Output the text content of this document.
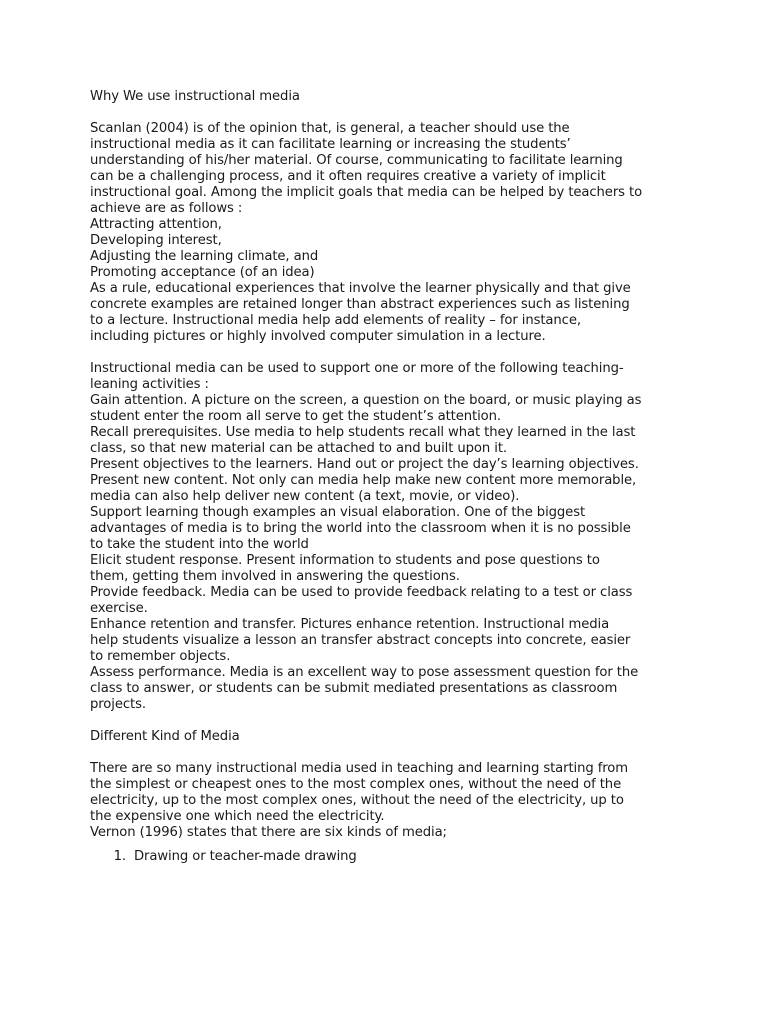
Why We use instructional media
Scanlan (2004) is of the opinion that, is general, a teacher should use the
instructional media as it can facilitate learning or increasing the students’
understanding of his/her material. Of course, communicating to facilitate learning
can be a challenging process, and it often requires creative a variety of implicit
instructional goal. Among the implicit goals that media can be helped by teachers to
achieve are as follows :
Attracting attention,
Developing interest,
Adjusting the learning climate, and
Promoting acceptance (of an idea)
As a rule, educational experiences that involve the learner physically and that give
concrete examples are retained longer than abstract experiences such as listening
to a lecture. Instructional media help add elements of reality – for instance,
including pictures or highly involved computer simulation in a lecture.
Instructional media can be used to support one or more of the following teaching-
leaning activities :
Gain attention. A picture on the screen, a question on the board, or music playing as
student enter the room all serve to get the student’s attention.
Recall prerequisites. Use media to help students recall what they learned in the last
class, so that new material can be attached to and built upon it.
Present objectives to the learners. Hand out or project the day’s learning objectives.
Present new content. Not only can media help make new content more memorable,
media can also help deliver new content (a text, movie, or video).
Support learning though examples an visual elaboration. One of the biggest
advantages of media is to bring the world into the classroom when it is no possible
to take the student into the world
Elicit student response. Present information to students and pose questions to
them, getting them involved in answering the questions.
Provide feedback. Media can be used to provide feedback relating to a test or class
exercise.
Enhance retention and transfer. Pictures enhance retention. Instructional media
help students visualize a lesson an transfer abstract concepts into concrete, easier
to remember objects.
Assess performance. Media is an excellent way to pose assessment question for the
class to answer, or students can be submit mediated presentations as classroom
projects.
Different Kind of Media
There are so many instructional media used in teaching and learning starting from
the simplest or cheapest ones to the most complex ones, without the need of the
electricity, up to the most complex ones, without the need of the electricity, up to
the expensive one which need the electricity.
Vernon (1996) states that there are six kinds of media;
1. Drawing or teacher-made drawing
